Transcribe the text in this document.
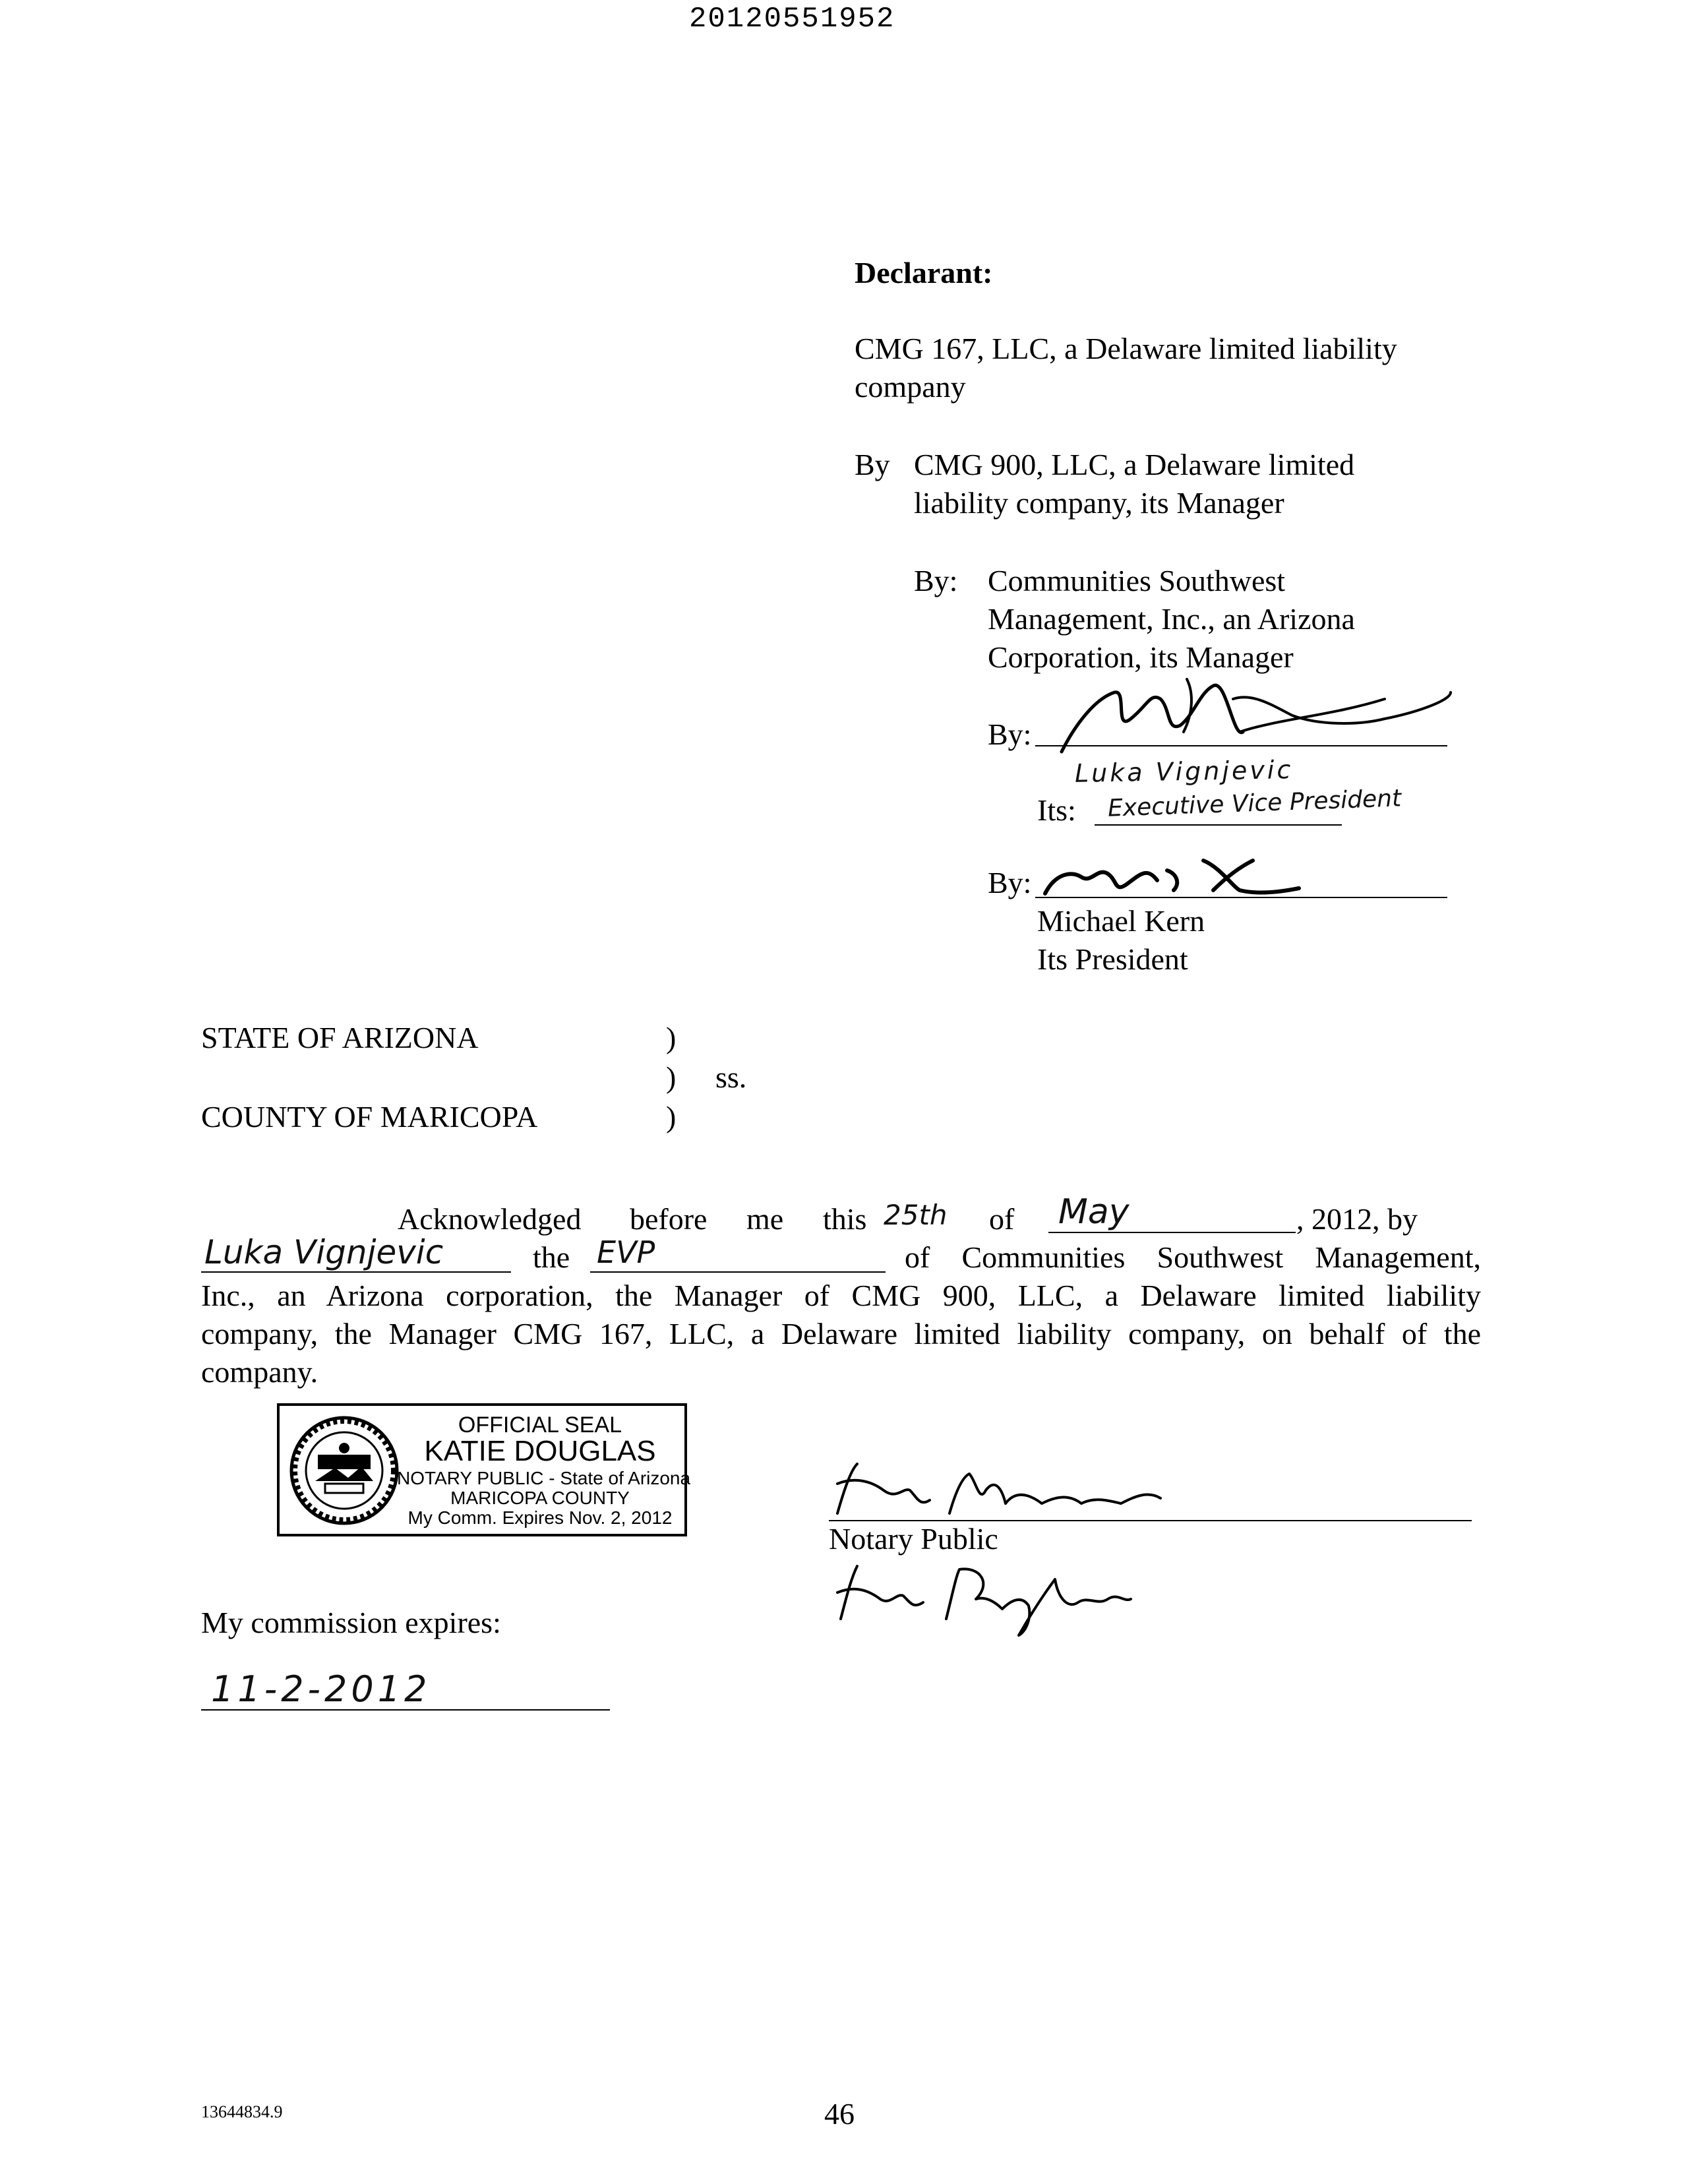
20120551952
Declarant:
CMG 167, LLC, a Delaware limited liability
company
By CMG 900, LLC, a Delaware limited
liability company, its Manager
By: Communities Southwest
Management, Inc., an Arizona
Corporation, its Manager
By:
Luka Vignjevic
Its: Executive Vice President
By:
Michael Kern
Its President
STATE OF ARIZONA	)
) ss.
COUNTY OF MARICOPA	)
Acknowledged before me this 25th of May	, 2012, by
Luka Vignjevic	the EVP	of Communities Southwest Management,
Inc., an Arizona corporation, the Manager of CMG 900, LLC, a Delaware limited liability
company, the Manager CMG 167, LLC, a Delaware limited liability company, on behalf of the
company.
OFFICIAL SEAL
KATIE DOUGLAS
NOTARY PUBLIC - State of Arizona
MARICOPA COUNTY
My Comm. Expires Nov. 2, 2012
Notary Public
My commission expires:
11-2-2012
13644834.9	46
